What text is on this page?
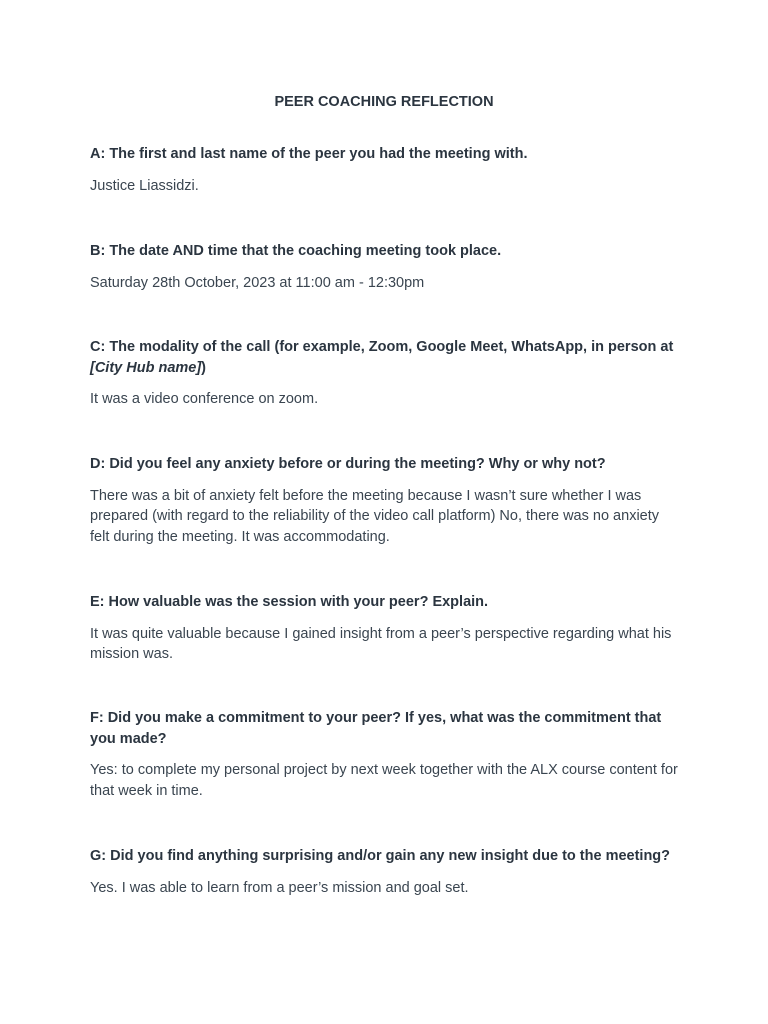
PEER COACHING REFLECTION

A: The first and last name of the peer you had the meeting with.

Justice Liassidzi.

B: The date AND time that the coaching meeting took place.

Saturday 28th October, 2023 at 11:00 am - 12:30pm

C: The modality of the call (for example, Zoom, Google Meet, WhatsApp, in person at [City Hub name])

It was a video conference on zoom.

D: Did you feel any anxiety before or during the meeting? Why or why not?

There was a bit of anxiety felt before the meeting because I wasn’t sure whether I was prepared (with regard to the reliability of the video call platform) No, there was no anxiety felt during the meeting. It was accommodating.

E: How valuable was the session with your peer? Explain.

It was quite valuable because I gained insight from a peer’s perspective regarding what his mission was.

F: Did you make a commitment to your peer? If yes, what was the commitment that you made?

Yes: to complete my personal project by next week together with the ALX course content for that week in time.

G: Did you find anything surprising and/or gain any new insight due to the meeting?

Yes. I was able to learn from a peer’s mission and goal set.
